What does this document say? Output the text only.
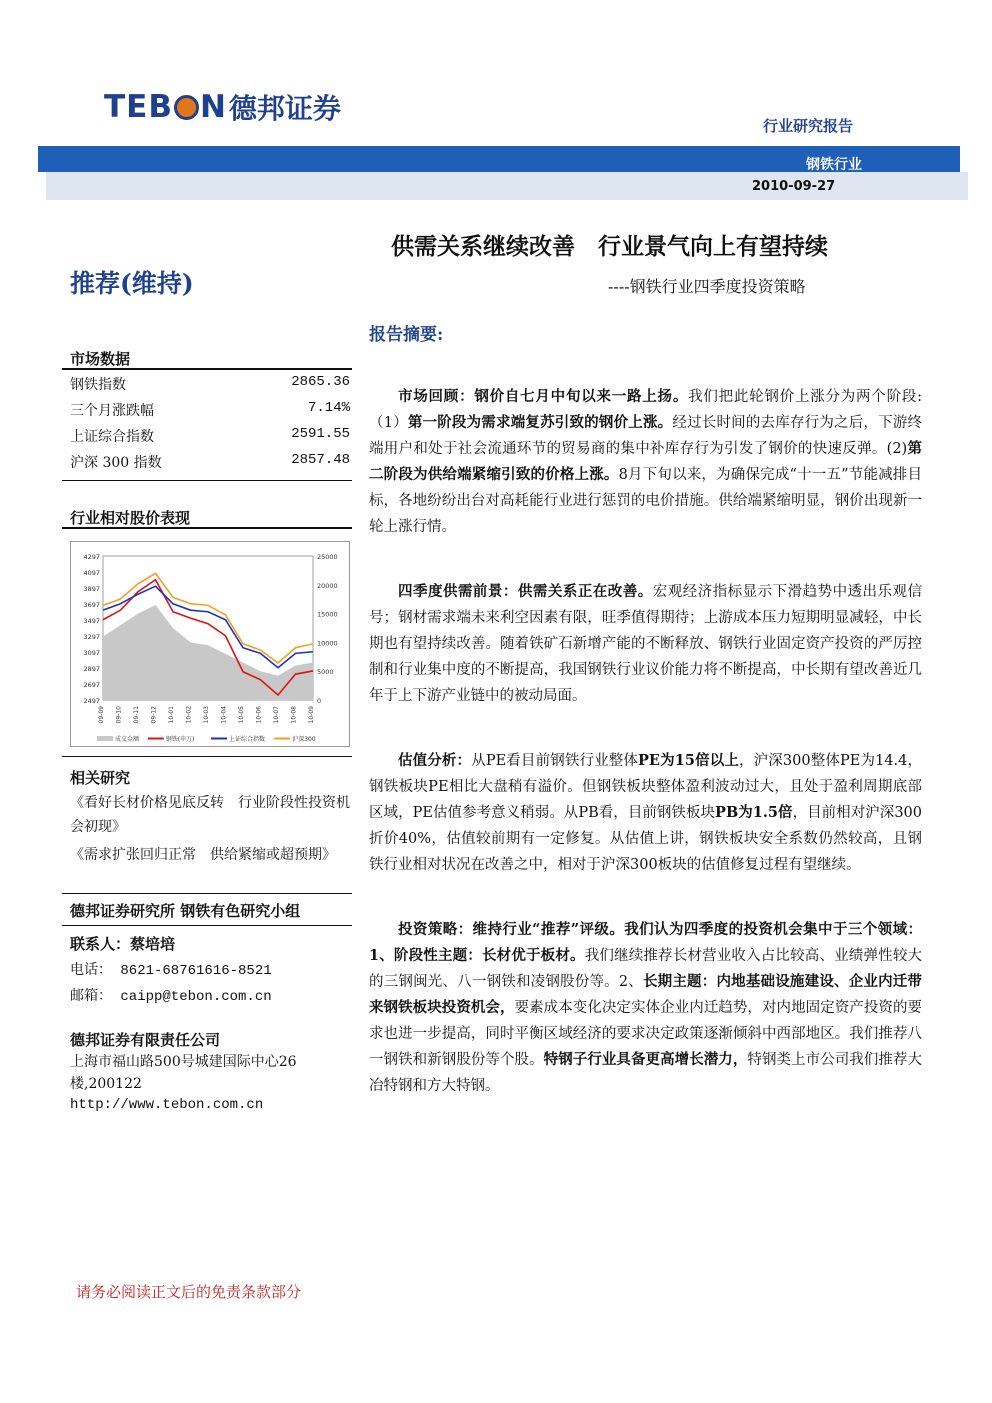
TEB N 德邦证券
行业研究报告
钢铁行业
2010-09-27
供需关系继续改善　行业景气向上有望持续
推荐(维持)	----钢铁行业四季度投资策略
市场数据
钢铁指数	2865.36
三个月涨跌幅	7.14%
上证综合指数	2591.55
沪深 300 指数	2857.48
行业相对股价表现
4297
4097
3897
3697
3497
3297
3097
2897
2697
2497
25000
20000
15000
10000
5000
0
09-09 09-10 09-11 09-12 10-01 10-02 10-03 10-04 10-05 10-06 10-07 10-08 10-09
成交金额	钢铁(申万)	上证综合指数	沪深300
相关研究
《看好长材价格见底反转　行业阶段性投资机会初现》
《需求扩张回归正常　供给紧缩或超预期》
德邦证券研究所 钢铁有色研究小组
联系人：蔡培培
电话： 8621-68761616-8521
邮箱： caipp@tebon.com.cn
德邦证券有限责任公司
上海市福山路500号城建国际中心26楼,200122
http://www.tebon.com.cn
报告摘要:

市场回顾：钢价自七月中旬以来一路上扬。我们把此轮钢价上涨分为两个阶段:（1）第一阶段为需求端复苏引致的钢价上涨。经过长时间的去库存行为之后，下游终端用户和处于社会流通环节的贸易商的集中补库存行为引发了钢价的快速反弹。(2)第二阶段为供给端紧缩引致的价格上涨。8月下旬以来，为确保完成“十一五”节能减排目标，各地纷纷出台对高耗能行业进行惩罚的电价措施。供给端紧缩明显，钢价出现新一轮上涨行情。

四季度供需前景：供需关系正在改善。宏观经济指标显示下滑趋势中透出乐观信号；钢材需求端未来利空因素有限，旺季值得期待；上游成本压力短期明显减轻，中长期也有望持续改善。随着铁矿石新增产能的不断释放、钢铁行业固定资产投资的严厉控制和行业集中度的不断提高，我国钢铁行业议价能力将不断提高，中长期有望改善近几年于上下游产业链中的被动局面。

估值分析：从PE看目前钢铁行业整体PE为15倍以上，沪深300整体PE为14.4，钢铁板块PE相比大盘稍有溢价。但钢铁板块整体盈利波动过大，且处于盈利周期底部区域，PE估值参考意义稍弱。从PB看，目前钢铁板块PB为1.5倍，目前相对沪深300折价40%，估值较前期有一定修复。从估值上讲，钢铁板块安全系数仍然较高，且钢铁行业相对状况在改善之中，相对于沪深300板块的估值修复过程有望继续。

投资策略：维持行业“推荐”评级。我们认为四季度的投资机会集中于三个领域：1、阶段性主题：长材优于板材。我们继续推荐长材营业收入占比较高、业绩弹性较大的三钢闽光、八一钢铁和凌钢股份等。2、长期主题：内地基础设施建设、企业内迁带来钢铁板块投资机会，要素成本变化决定实体企业内迁趋势，对内地固定资产投资的要求也进一步提高，同时平衡区域经济的要求决定政策逐渐倾斜中西部地区。我们推荐八一钢铁和新钢股份等个股。特钢子行业具备更高增长潜力，特钢类上市公司我们推荐大冶特钢和方大特钢。

请务必阅读正文后的免责条款部分
